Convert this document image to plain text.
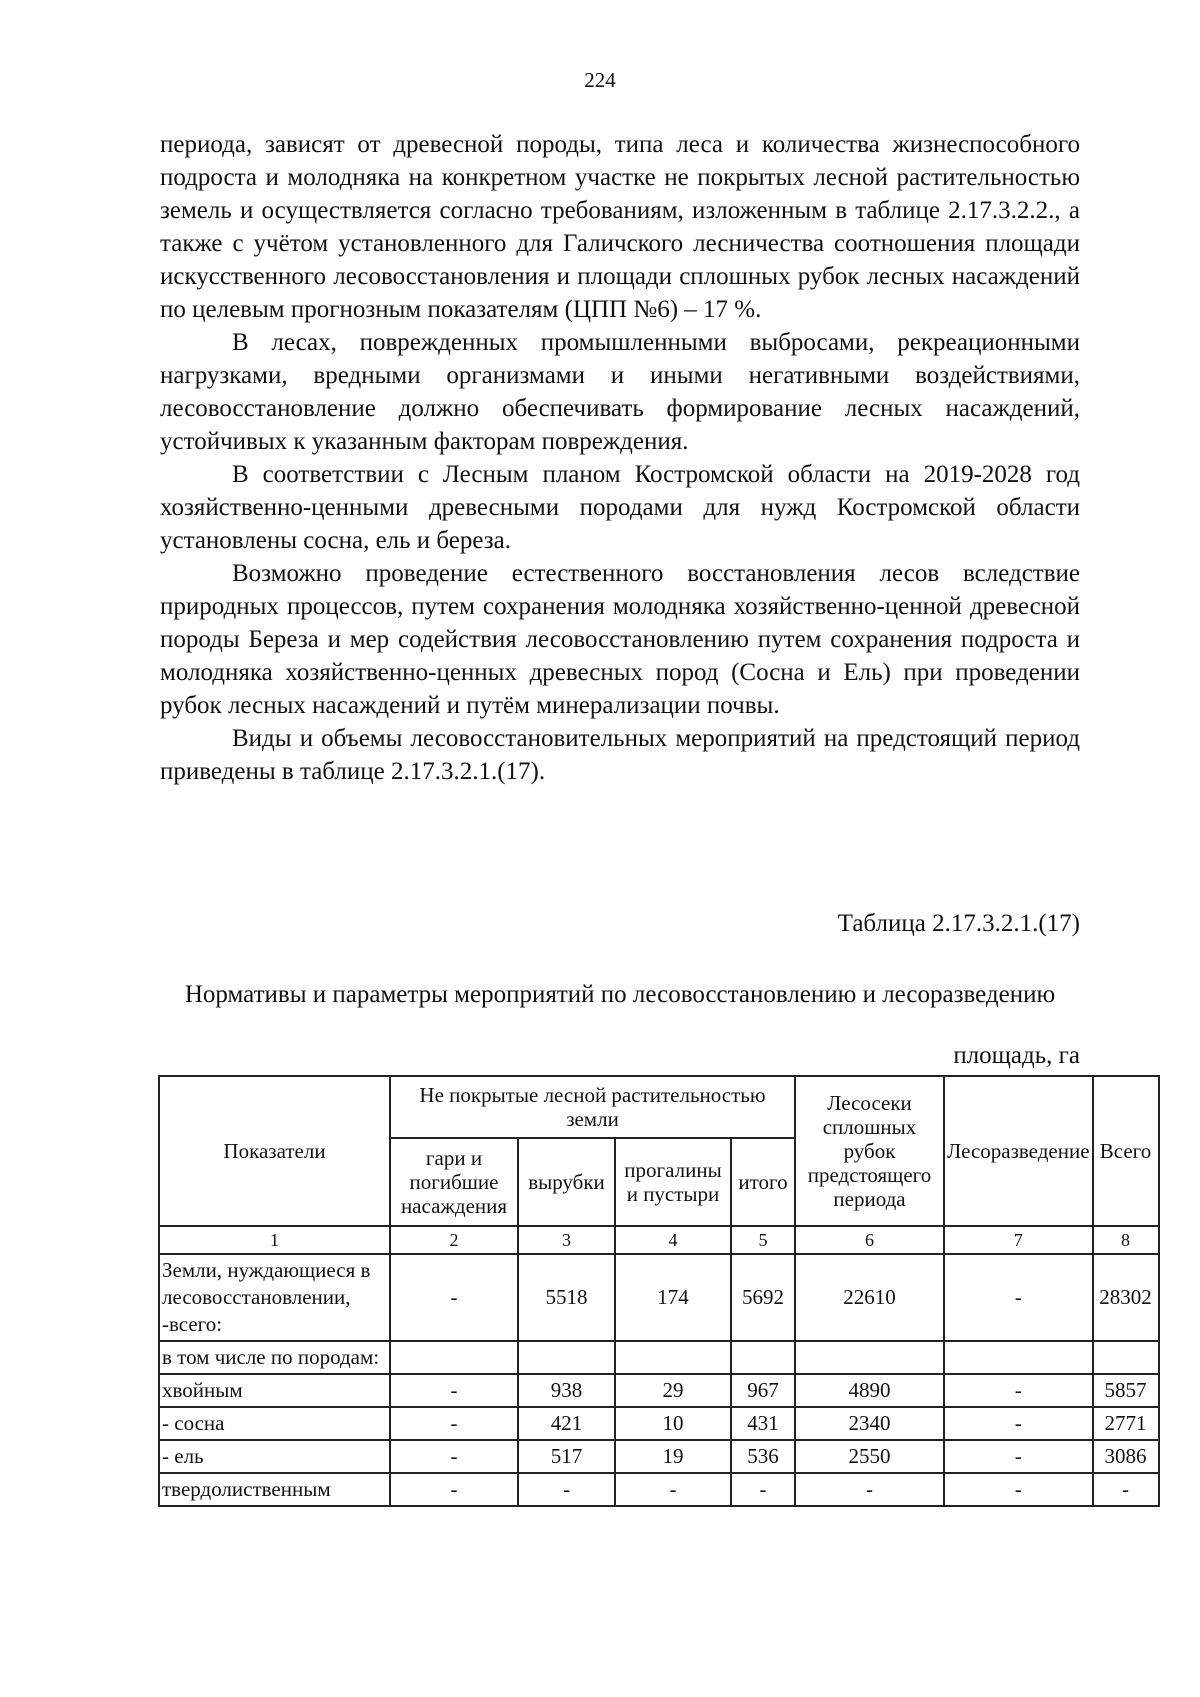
224

периода, зависят от древесной породы, типа леса и количества жизнеспособного подроста и молодняка на конкретном участке не покрытых лесной растительностью земель и осуществляется согласно требованиям, изложенным в таблице 2.17.3.2.2., а также с учётом установленного для Галичского лесничества соотношения площади искусственного лесовосстановления и площади сплошных рубок лесных насаждений по целевым прогнозным показателям (ЦПП №6) – 17 %.

В лесах, поврежденных промышленными выбросами, рекреационными нагрузками, вредными организмами и иными негативными воздействиями, лесовосстановление должно обеспечивать формирование лесных насаждений, устойчивых к указанным факторам повреждения.

В соответствии с Лесным планом Костромской области на 2019-2028 год хозяйственно-ценными древесными породами для нужд Костромской области установлены сосна, ель и береза.

Возможно проведение естественного восстановления лесов вследствие природных процессов, путем сохранения молодняка хозяйственно-ценной древесной породы Береза и мер содействия лесовосстановлению путем сохранения подроста и молодняка хозяйственно-ценных древесных пород (Сосна и Ель) при проведении рубок лесных насаждений и путём минерализации почвы.

Виды и объемы лесовосстановительных мероприятий на предстоящий период приведены в таблице 2.17.3.2.1.(17).

Таблица 2.17.3.2.1.(17)
Нормативы и параметры мероприятий по лесовосстановлению и лесоразведению
площадь, га
Показатели	Не покрытые лесной растительностью земли				Лесосеки сплошных рубок предстоящего периода	Лесоразведение	Всего
	гари и погибшие насаждения	вырубки	прогалины и пустыри	итого			
1	2	3	4	5	6	7	8
Земли, нуждающиеся в лесовосстановлении, -всего:	-	5518	174	5692	22610	-	28302
в том числе по породам:							
хвойным	-	938	29	967	4890	-	5857
- сосна	-	421	10	431	2340	-	2771
- ель	-	517	19	536	2550	-	3086
твердолиственным	-	-	-	-	-	-	-
